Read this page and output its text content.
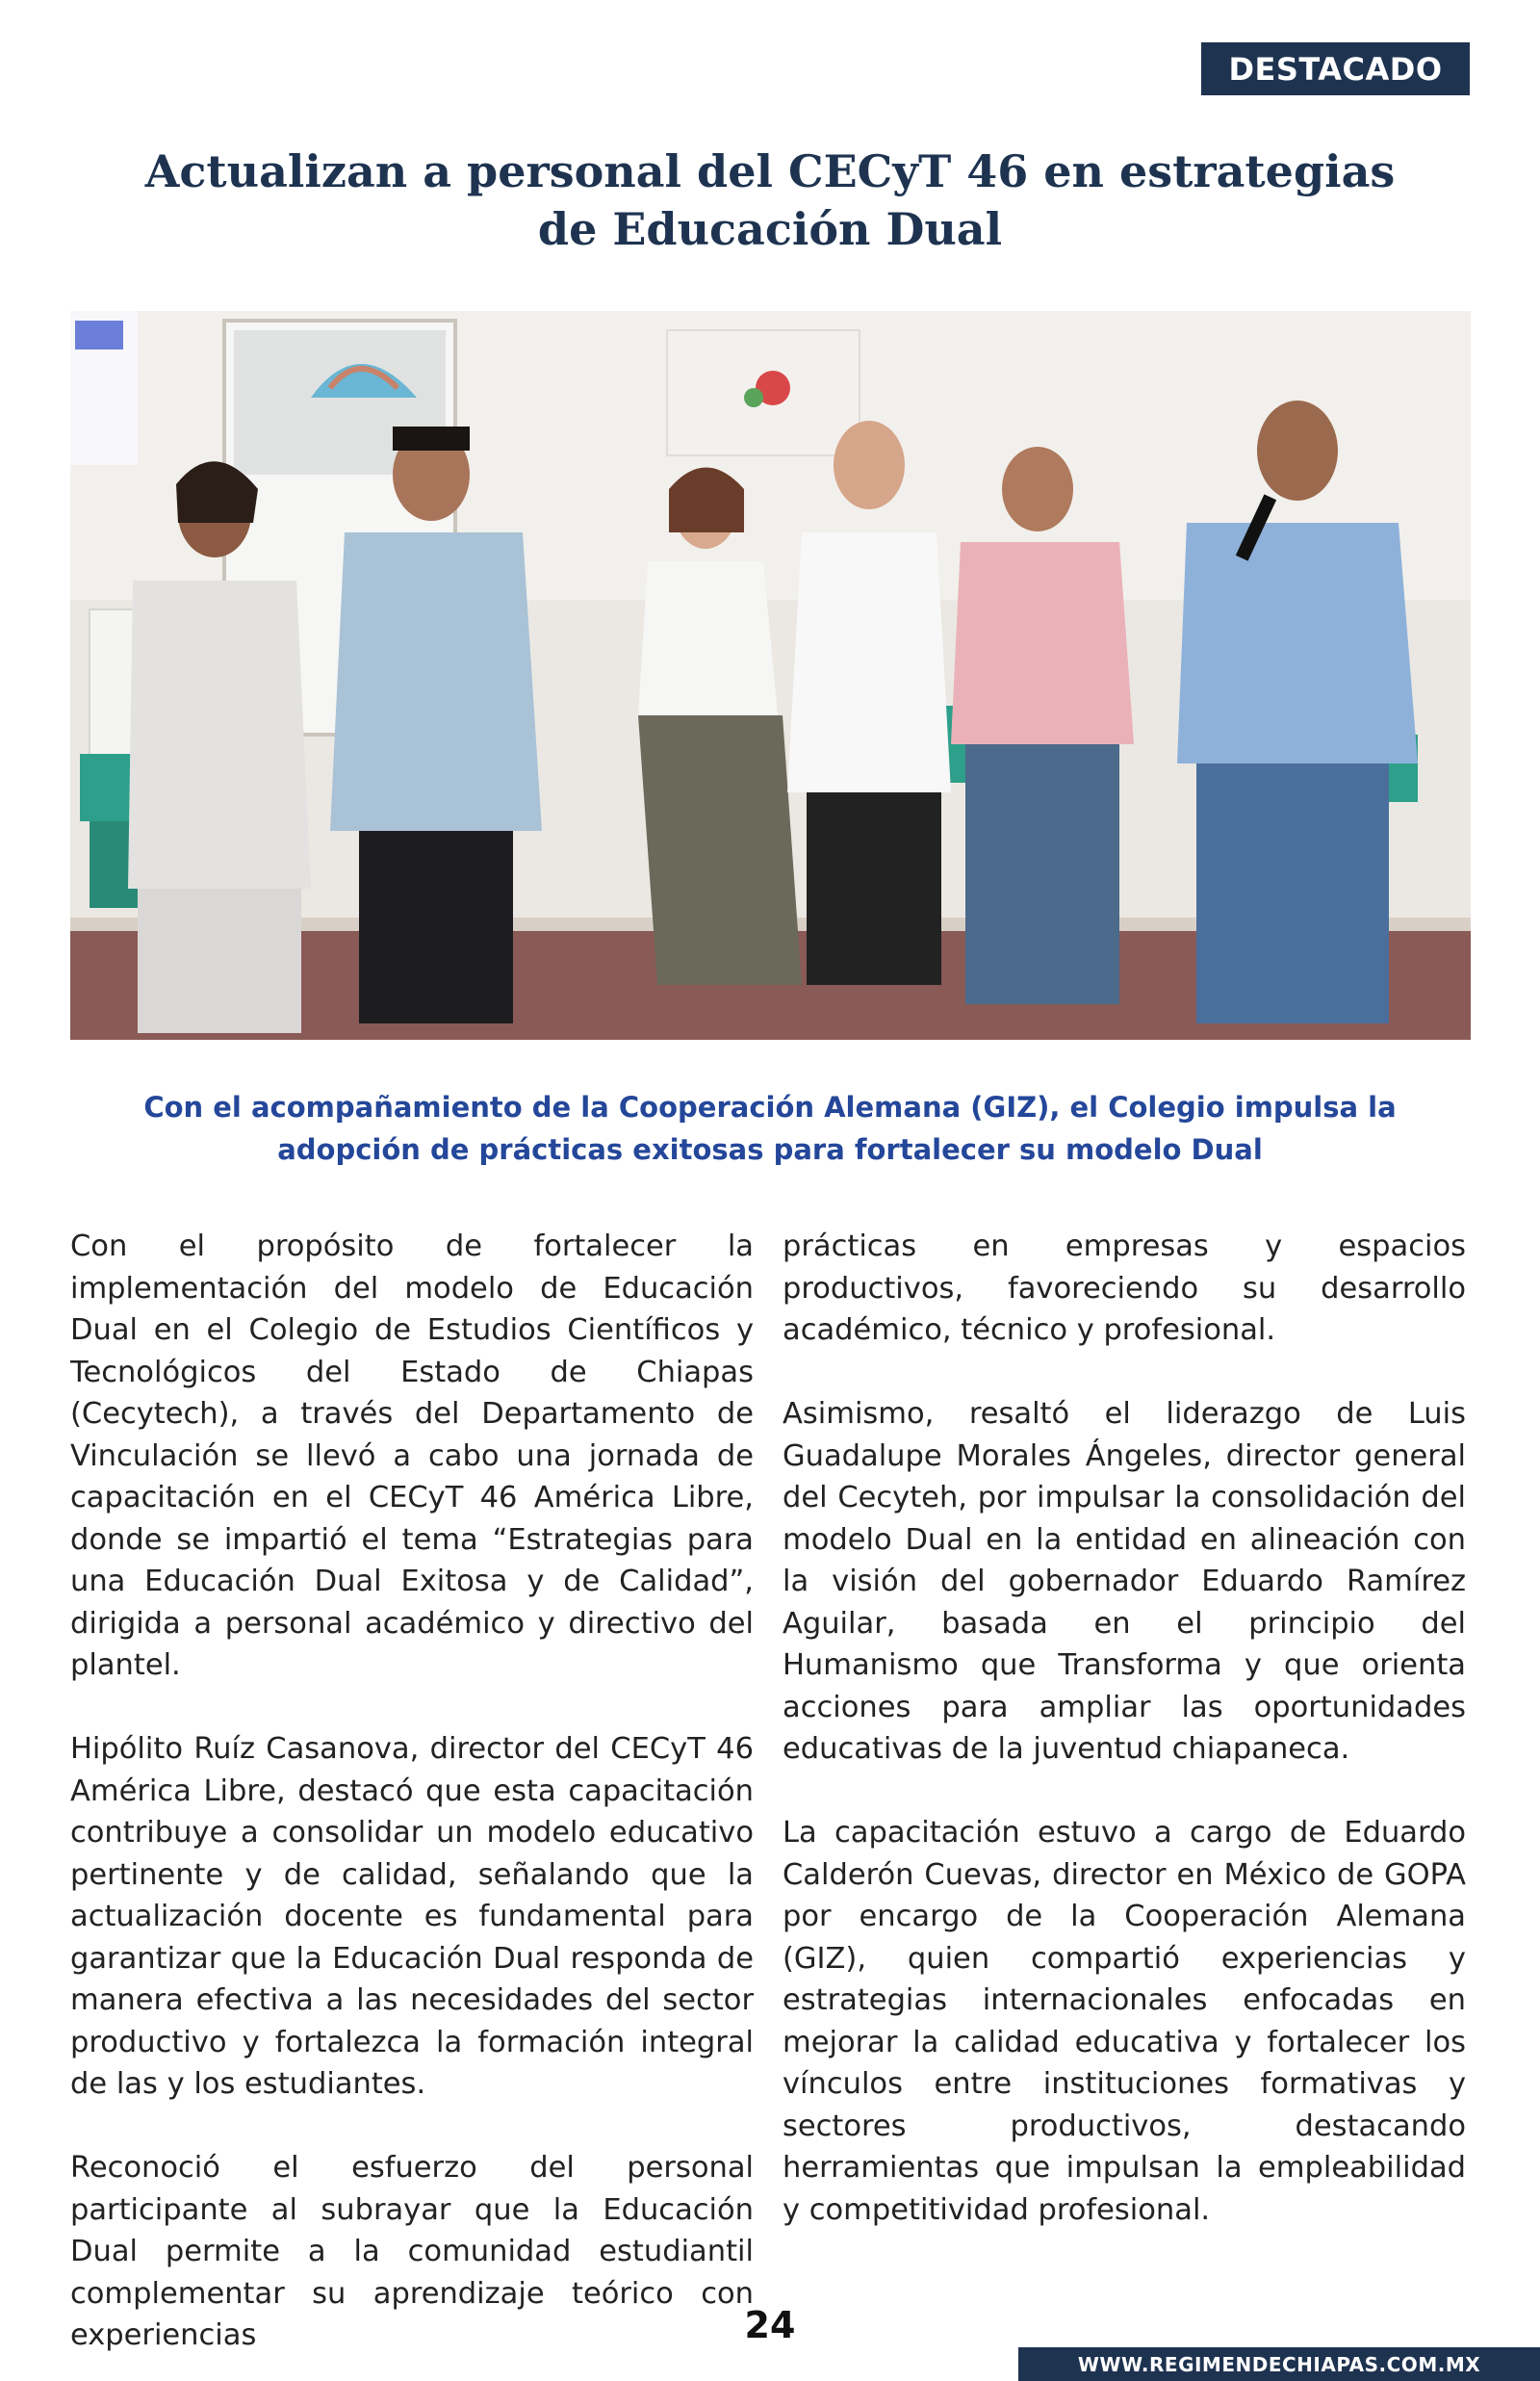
DESTACADO
Actualizan a personal del CECyT 46 en estrategias de Educación Dual
Con el acompañamiento de la Cooperación Alemana (GIZ), el Colegio impulsa la adopción de prácticas exitosas para fortalecer su modelo Dual

Con el propósito de fortalecer la implementación del modelo de Educación Dual en el Colegio de Estudios Científicos y Tecnológicos del Estado de Chiapas (Cecytech), a través del Departamento de Vinculación se llevó a cabo una jornada de capacitación en el CECyT 46 América Libre, donde se impartió el tema “Estrategias para una Educación Dual Exitosa y de Calidad”, dirigida a personal académico y directivo del plantel.

Hipólito Ruíz Casanova, director del CECyT 46 América Libre, destacó que esta capacitación contribuye a consolidar un modelo educativo pertinente y de calidad, señalando que la actualización docente es fundamental para garantizar que la Educación Dual responda de manera efectiva a las necesidades del sector productivo y fortalezca la formación integral de las y los estudiantes.

Reconoció el esfuerzo del personal participante al subrayar que la Educación Dual permite a la comunidad estudiantil complementar su aprendizaje teórico con experiencias

prácticas en empresas y espacios productivos, favoreciendo su desarrollo académico, técnico y profesional.

Asimismo, resaltó el liderazgo de Luis Guadalupe Morales Ángeles, director general del Cecyteh, por impulsar la consolidación del modelo Dual en la entidad en alineación con la visión del gobernador Eduardo Ramírez Aguilar, basada en el principio del Humanismo que Transforma y que orienta acciones para ampliar las oportunidades educativas de la juventud chiapaneca.

La capacitación estuvo a cargo de Eduardo Calderón Cuevas, director en México de GOPA por encargo de la Cooperación Alemana (GIZ), quien compartió experiencias y estrategias internacionales enfocadas en mejorar la calidad educativa y fortalecer los vínculos entre instituciones formativas y sectores productivos, destacando herramientas que impulsan la empleabilidad y competitividad profesional.

24
WWW.REGIMENDECHIAPAS.COM.MX
